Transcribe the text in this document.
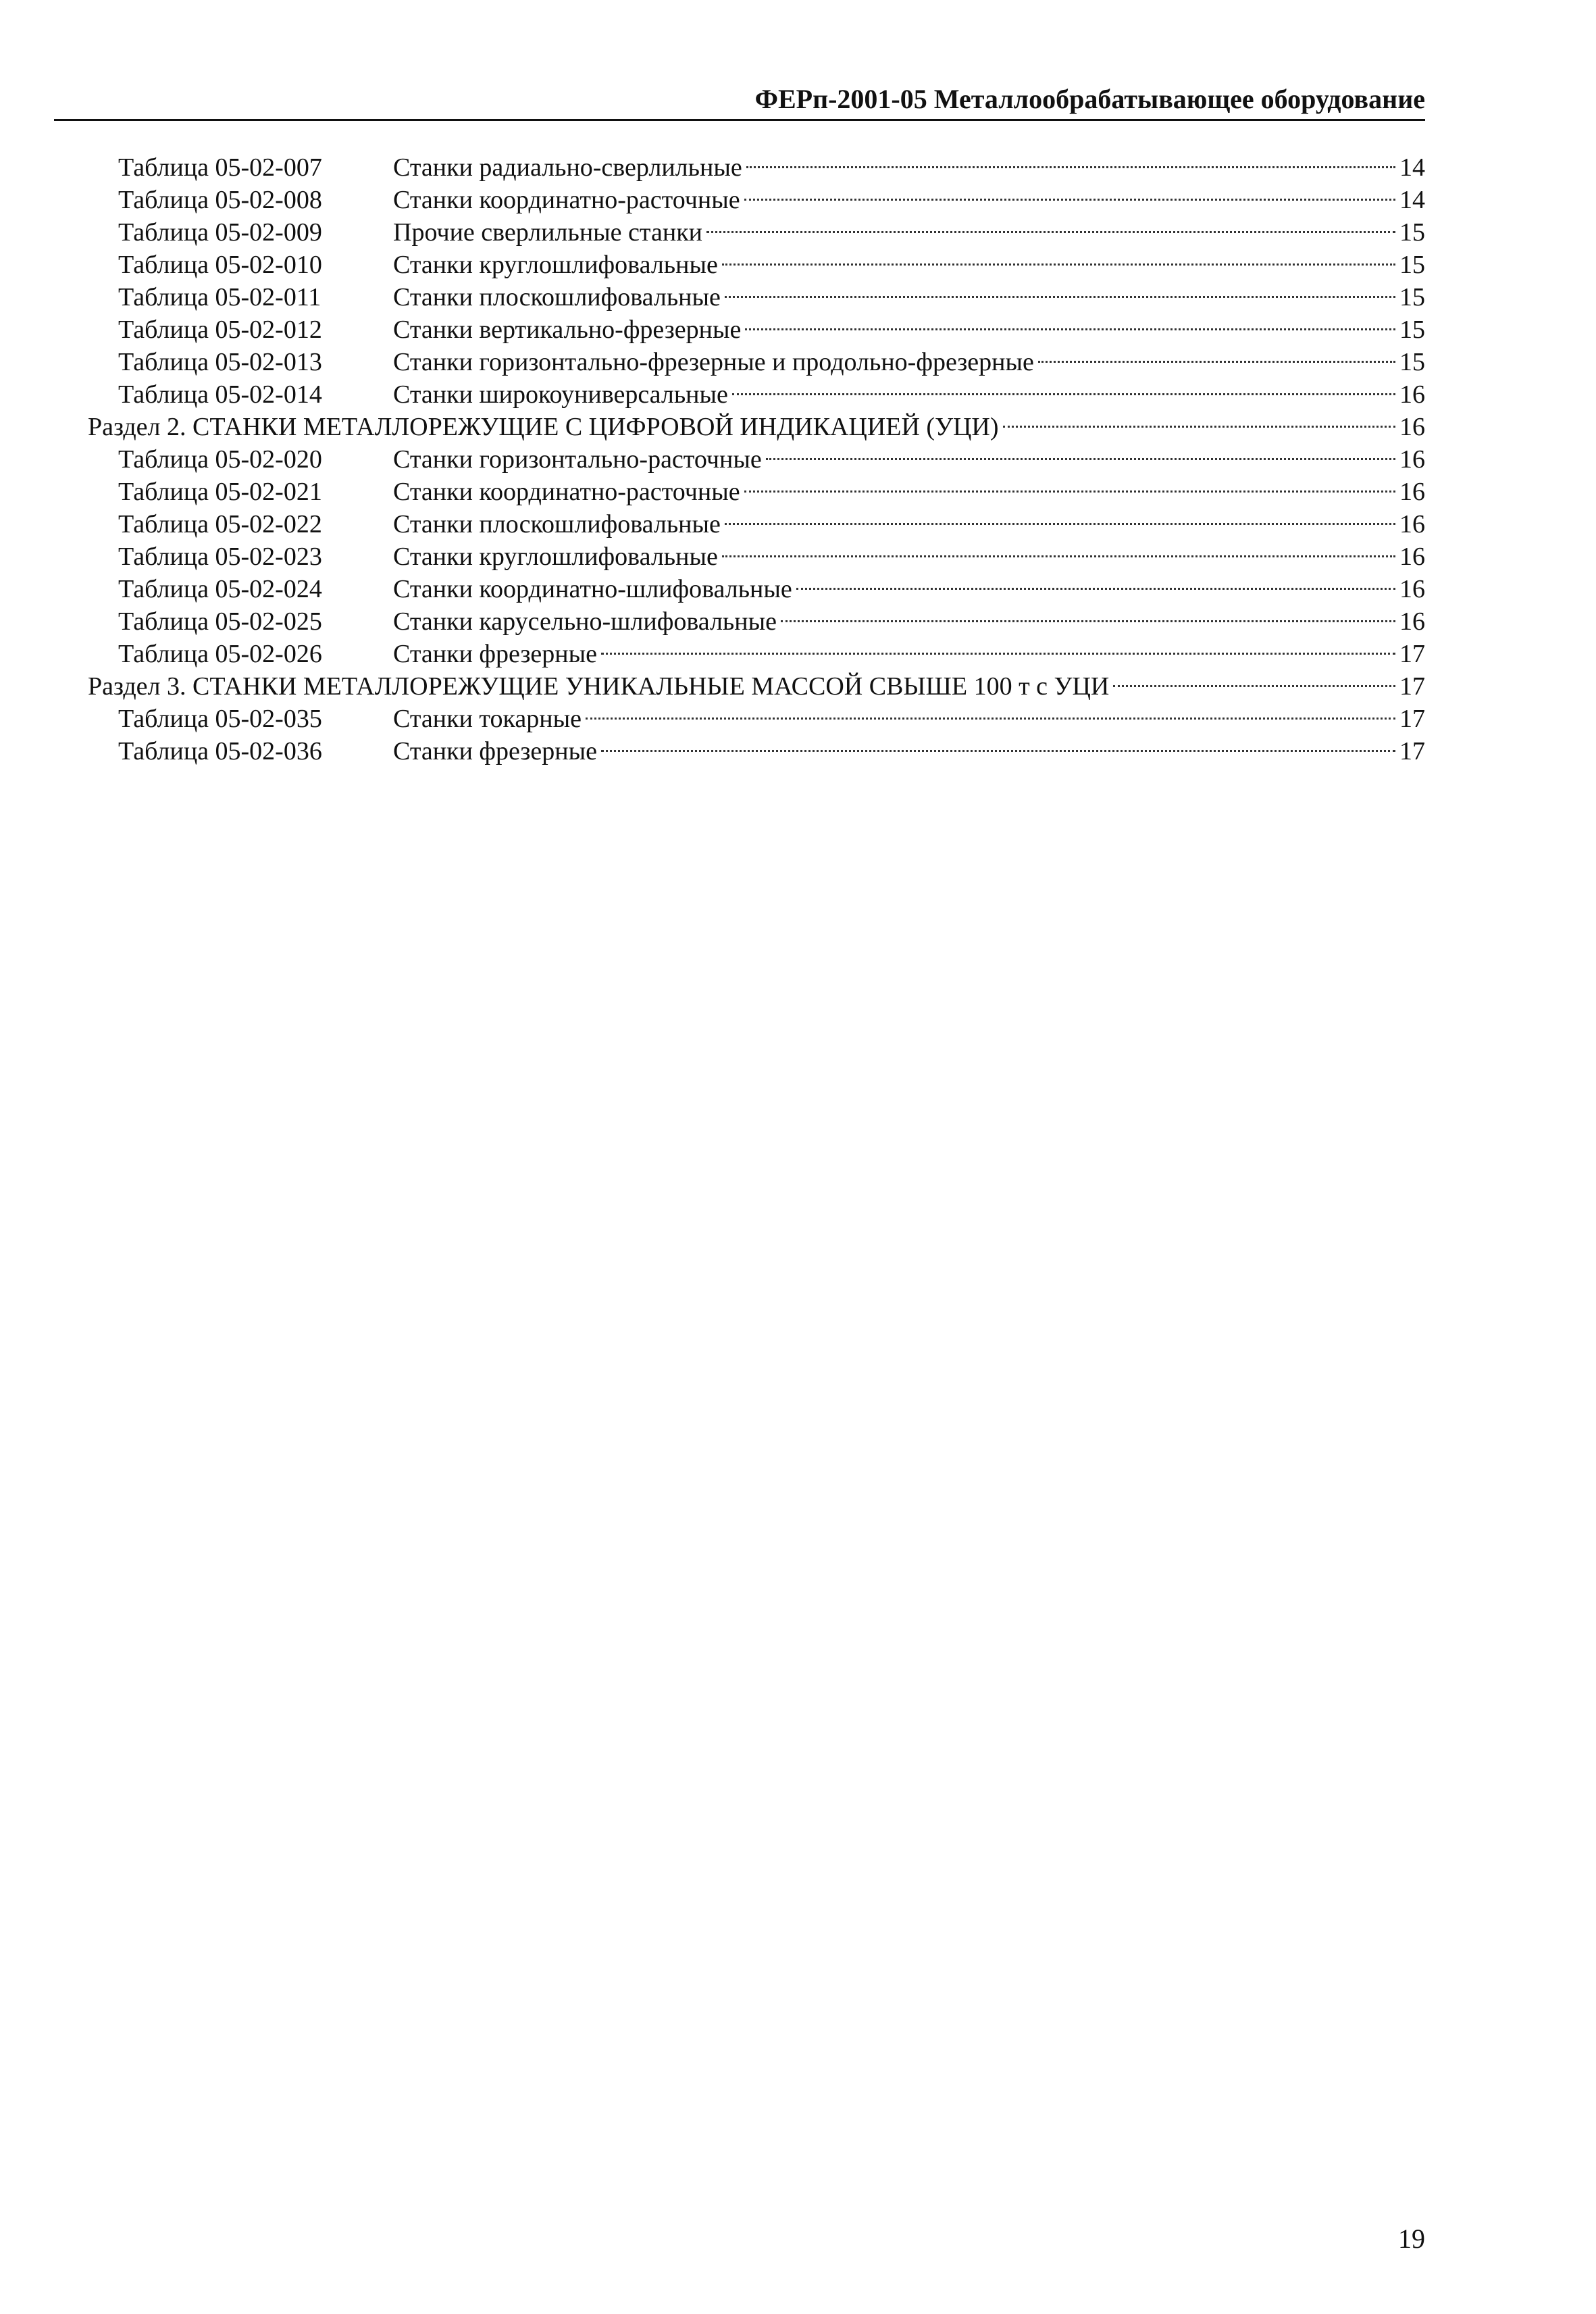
ФЕРп-2001-05 Металлообрабатывающее оборудование
Таблица 05-02-007	Станки радиально-сверлильные	14
Таблица 05-02-008	Станки координатно-расточные	14
Таблица 05-02-009	Прочие сверлильные станки	15
Таблица 05-02-010	Станки круглошлифовальные	15
Таблица 05-02-011	Станки плоскошлифовальные	15
Таблица 05-02-012	Станки вертикально-фрезерные	15
Таблица 05-02-013	Станки горизонтально-фрезерные и продольно-фрезерные	15
Таблица 05-02-014	Станки широкоуниверсальные	16
Раздел 2. СТАНКИ МЕТАЛЛОРЕЖУЩИЕ С ЦИФРОВОЙ ИНДИКАЦИЕЙ (УЦИ)	16
Таблица 05-02-020	Станки горизонтально-расточные	16
Таблица 05-02-021	Станки координатно-расточные	16
Таблица 05-02-022	Станки плоскошлифовальные	16
Таблица 05-02-023	Станки круглошлифовальные	16
Таблица 05-02-024	Станки координатно-шлифовальные	16
Таблица 05-02-025	Станки карусельно-шлифовальные	16
Таблица 05-02-026	Станки фрезерные	17
Раздел 3. СТАНКИ МЕТАЛЛОРЕЖУЩИЕ УНИКАЛЬНЫЕ МАССОЙ СВЫШЕ 100 т с УЦИ	17
Таблица 05-02-035	Станки токарные	17
Таблица 05-02-036	Станки фрезерные	17
19
